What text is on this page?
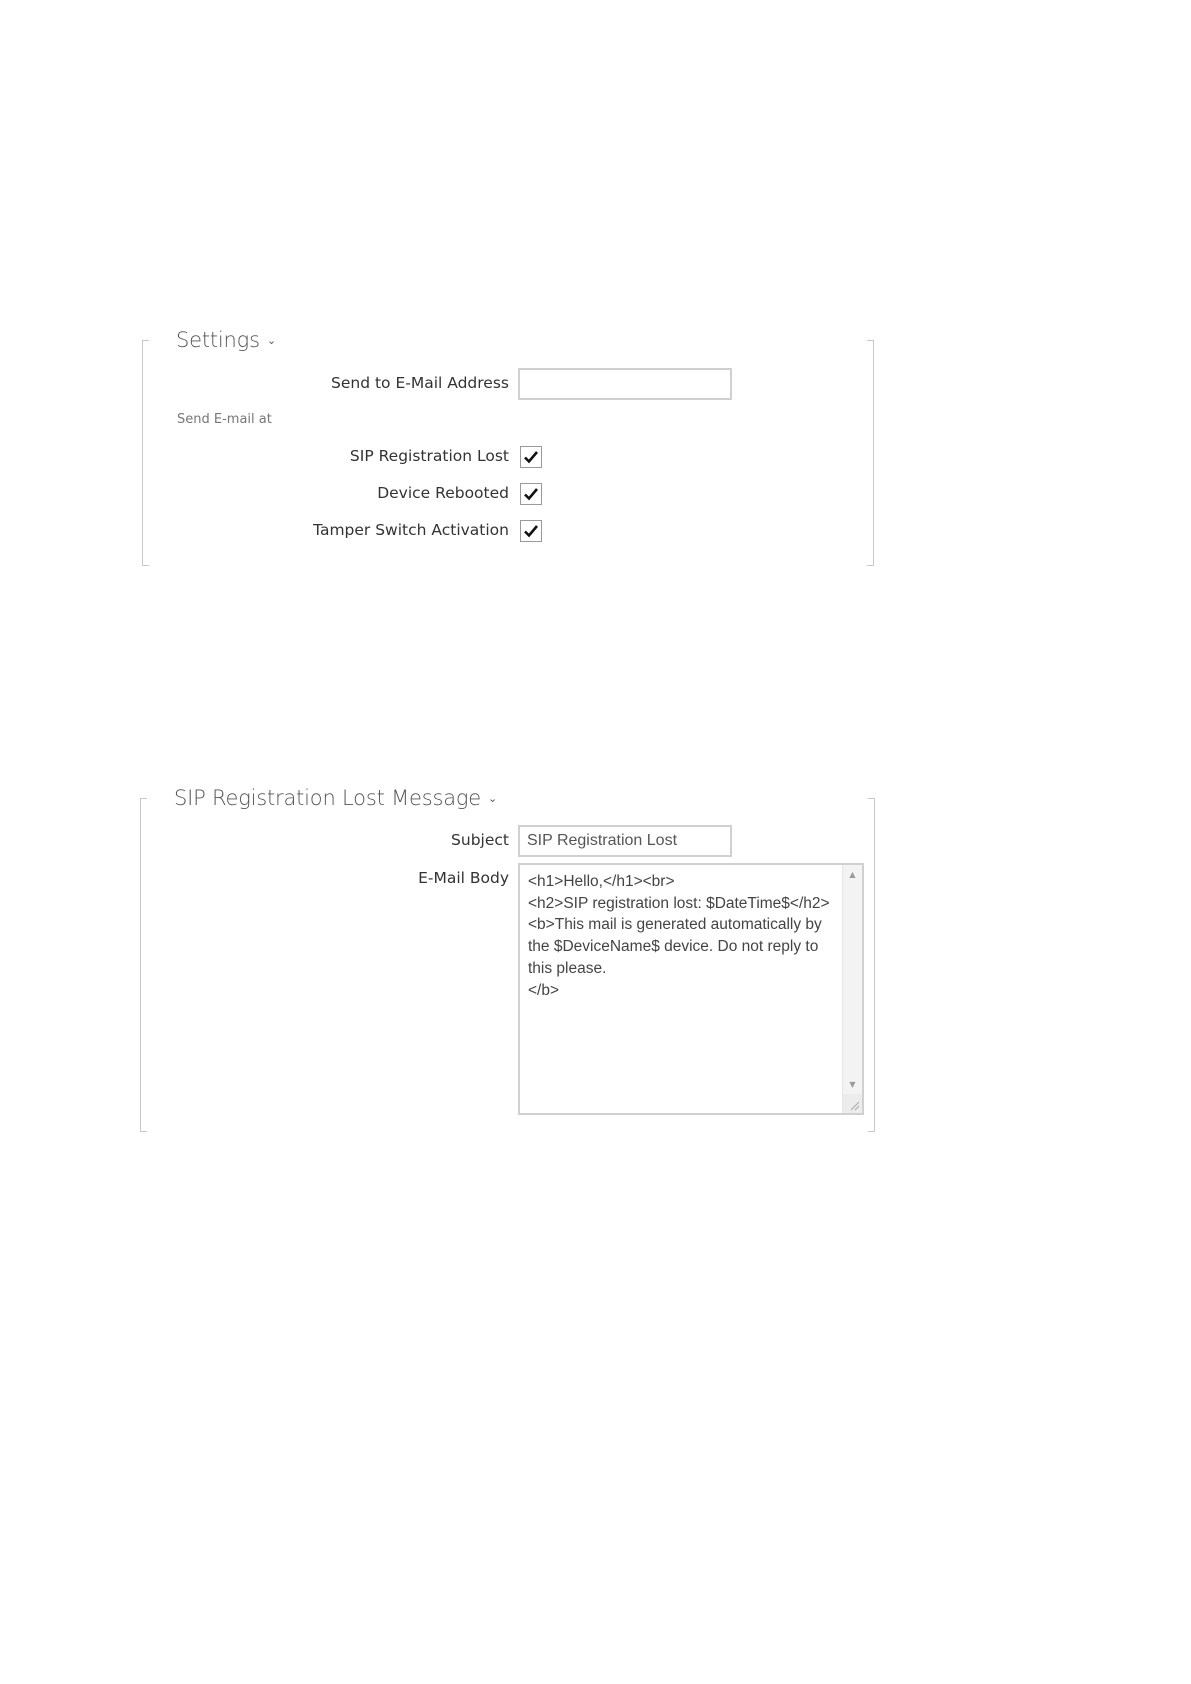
Settings ⌄
Send to E-Mail Address
Send E-mail at
SIP Registration Lost
Device Rebooted
Tamper Switch Activation
SIP Registration Lost Message ⌄
Subject	SIP Registration Lost
E-Mail Body <h1>Hello,</h1><br>
<h2>SIP registration lost: $DateTime$</h2>
<b>This mail is generated automatically by the $DeviceName$ device. Do not reply to this please.
</b>
▲
▼
